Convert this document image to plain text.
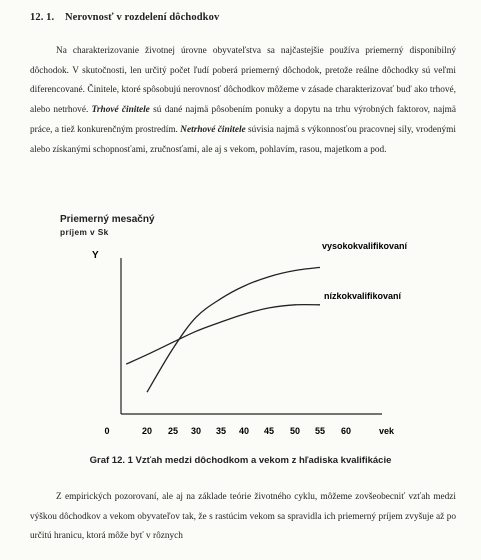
12. 1. Nerovnosť v rozdelení dôchodkov
Na charakterizovanie životnej úrovne obyvateľstva sa najčastejšie používa priemerný disponibilný dôchodok. V skutočnosti, len určitý počet ľudí poberá priemerný dôchodok, pretože reálne dôchodky sú veľmi diferencované. Činitele, ktoré spôsobujú nerovnosť dôchodkov môžeme v zásade charakterizovať buď ako trhové, alebo netrhové. Trhové činitele sú dané najmä pôsobením ponuky a dopytu na trhu výrobných faktorov, najmä práce, a tiež konkurenčným prostredím. Netrhové činitele súvisia najmä s výkonnosťou pracovnej sily, vrodenými alebo získanými schopnosťami, zručnosťami, ale aj s vekom, pohlavím, rasou, majetkom a pod.
Priemerný mesačný
príjem v Sk
Y
0	20 25 30 35 40 45 50 55 60	vek
vysokokvalifikovaní
nízkokvalifikovaní
Graf 12. 1 Vzťah medzi dôchodkom a vekom z hľadiska kvalifikácie
Z empirických pozorovaní, ale aj na základe teórie životného cyklu, môžeme zovšeobecniť vzťah medzi výškou dôchodkov a vekom obyvateľov tak, že s rastúcim vekom sa spravidla ich priemerný príjem zvyšuje až po určitú hranicu, ktorá môže byť v rôznych
